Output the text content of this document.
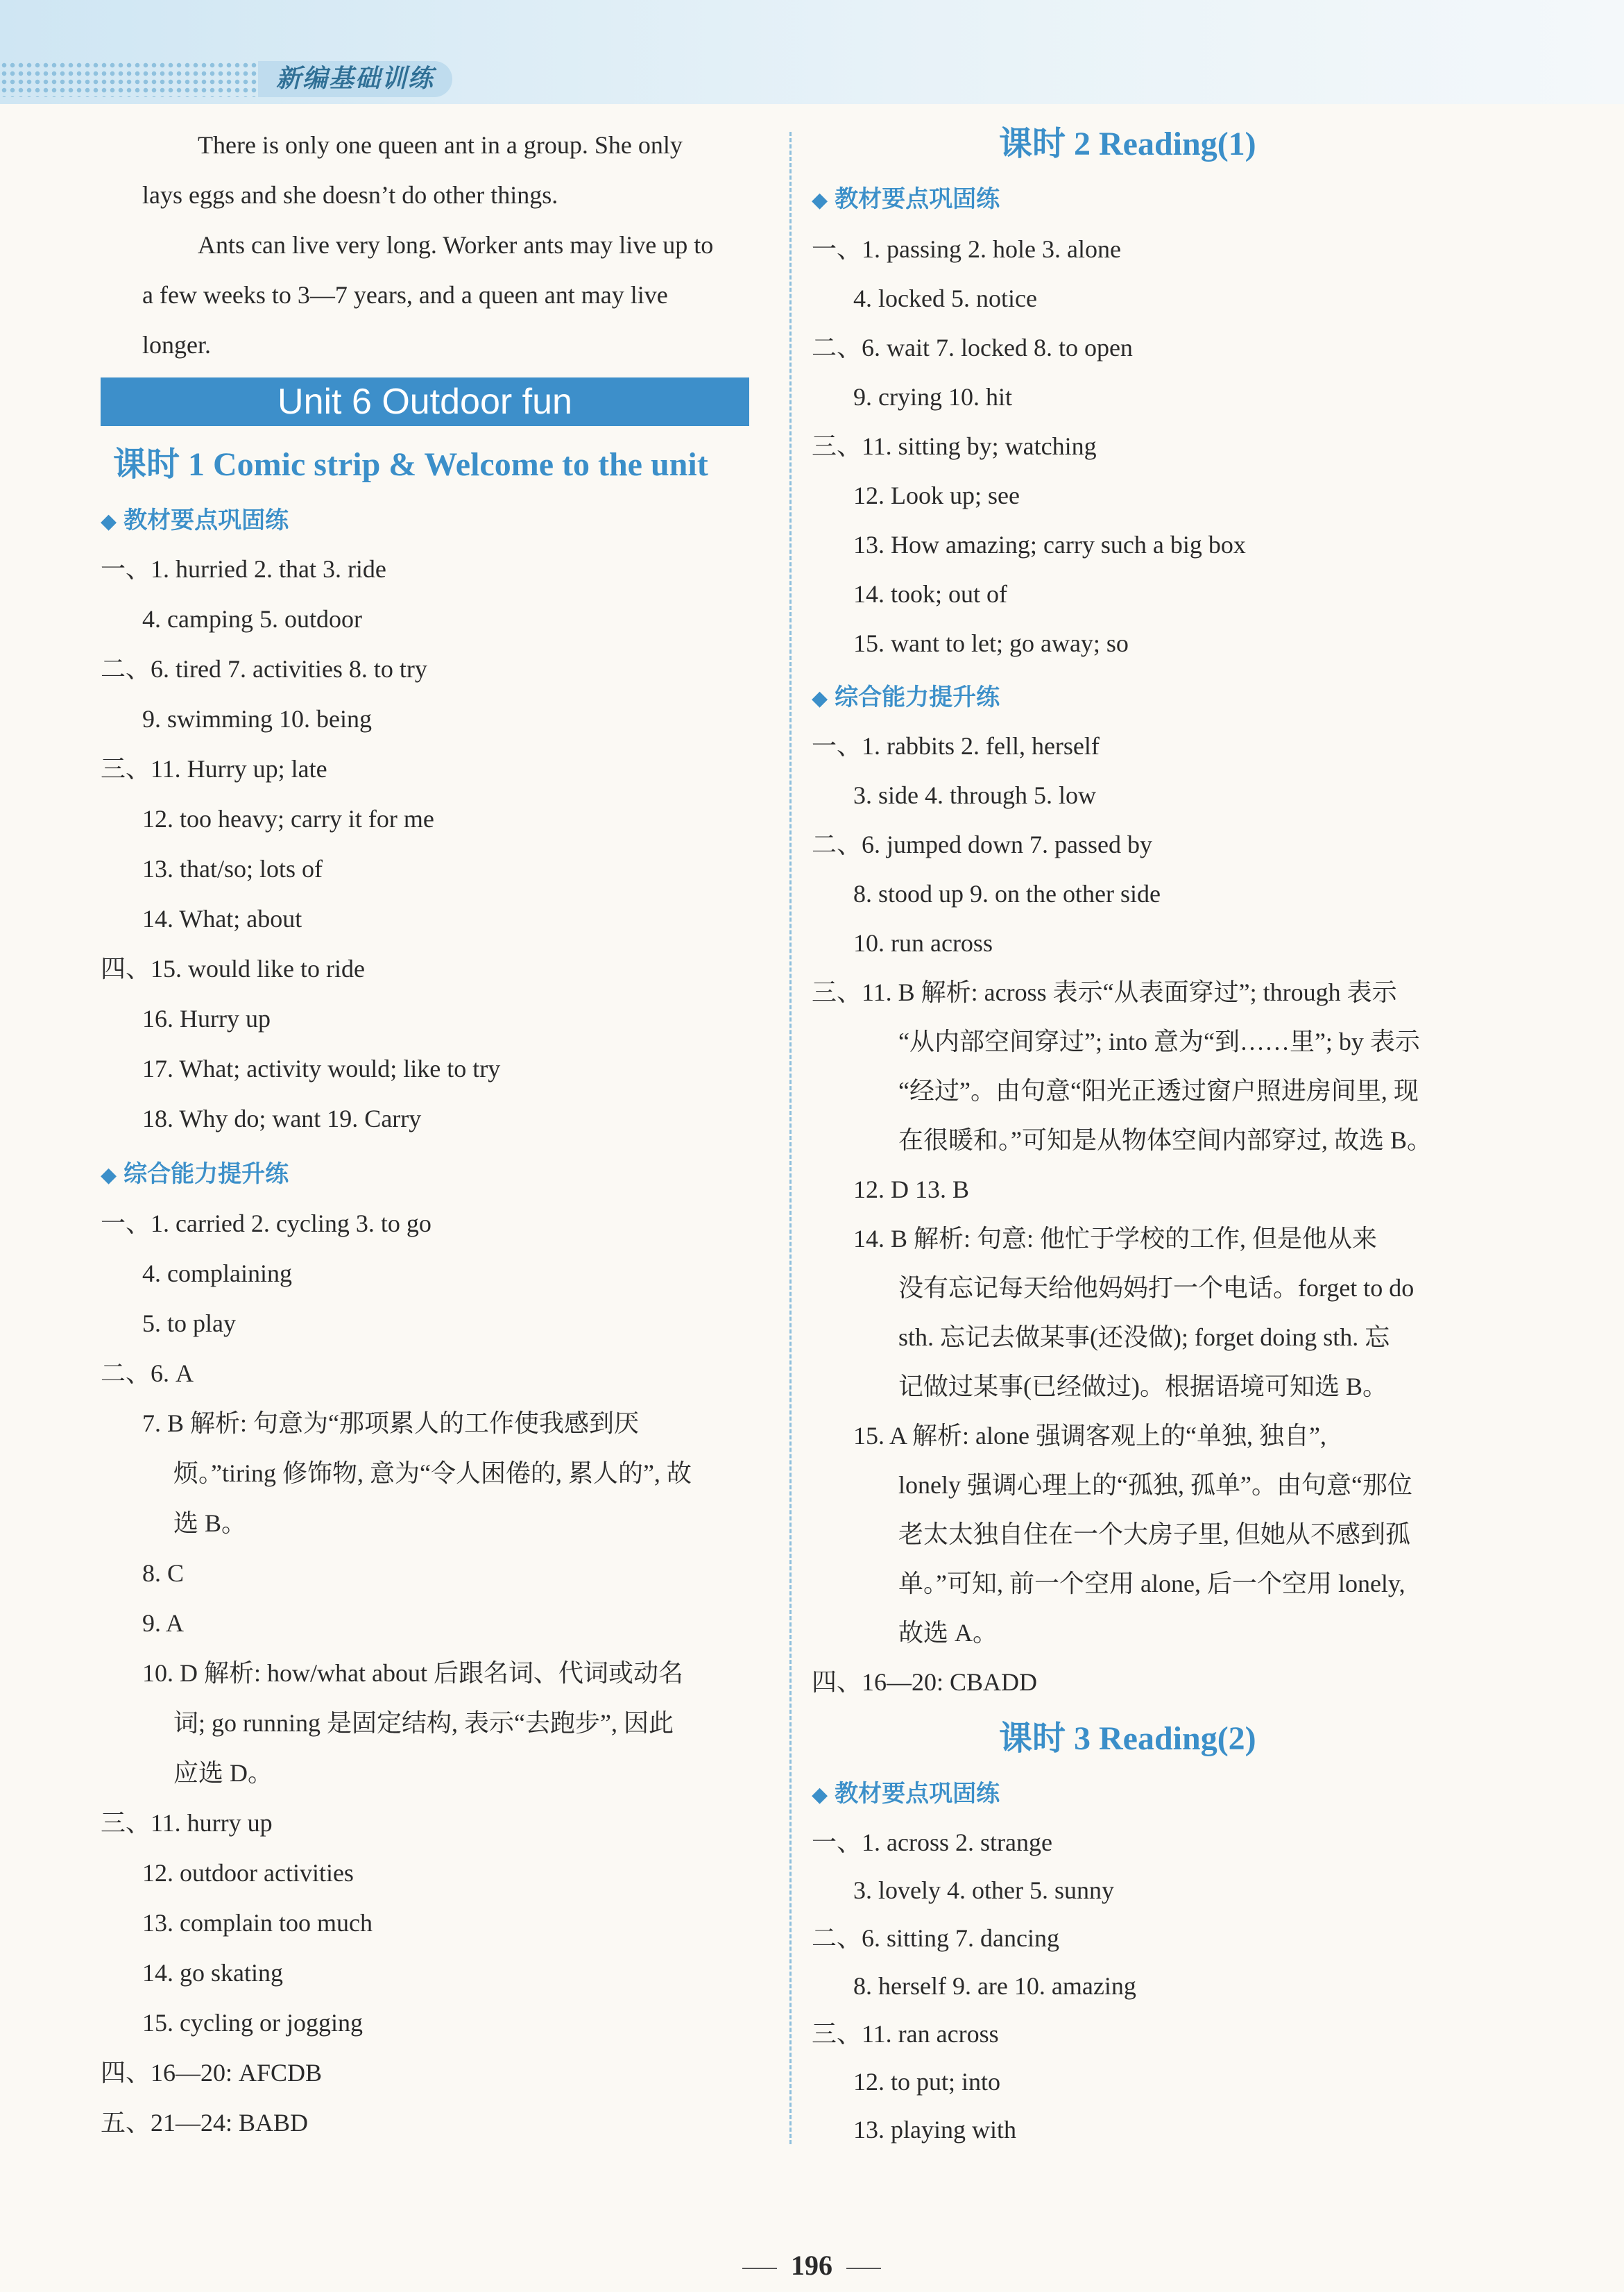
新编基础训练
There is only one queen ant in a group. She only
lays eggs and she doesn’t do other things.
Ants can live very long. Worker ants may live up to
a few weeks to 3—7 years, and a queen ant may live
longer.
Unit 6 Outdoor fun
课时 1 Comic strip & Welcome to the unit
◆ 教材要点巩固练
一、1. hurried 2. that 3. ride
4. camping 5. outdoor
二、6. tired 7. activities 8. to try
9. swimming 10. being
三、11. Hurry up; late
12. too heavy; carry it for me
13. that/so; lots of
14. What; about
四、15. would like to ride
16. Hurry up
17. What; activity would; like to try
18. Why do; want 19. Carry
◆ 综合能力提升练
一、1. carried 2. cycling 3. to go
4. complaining
5. to play
二、6. A
7. B 解析: 句意为“那项累人的工作使我感到厌
烦。”tiring 修饰物, 意为“令人困倦的, 累人的”, 故
选 B。
8. C
9. A
10. D 解析: how/what about 后跟名词、代词或动名
词; go running 是固定结构, 表示“去跑步”, 因此
应选 D。
三、11. hurry up
12. outdoor activities
13. complain too much
14. go skating
15. cycling or jogging
四、16—20: AFCDB
五、21—24: BABD
课时 2 Reading(1)
◆ 教材要点巩固练
一、1. passing 2. hole 3. alone
4. locked 5. notice
二、6. wait 7. locked 8. to open
9. crying 10. hit
三、11. sitting by; watching
12. Look up; see
13. How amazing; carry such a big box
14. took; out of
15. want to let; go away; so
◆ 综合能力提升练
一、1. rabbits 2. fell, herself
3. side 4. through 5. low
二、6. jumped down 7. passed by
8. stood up 9. on the other side
10. run across
三、11. B 解析: across 表示“从表面穿过”; through 表示
“从内部空间穿过”; into 意为“到……里”; by 表示
“经过”。由句意“阳光正透过窗户照进房间里, 现
在很暖和。”可知是从物体空间内部穿过, 故选 B。
12. D 13. B
14. B 解析: 句意: 他忙于学校的工作, 但是他从来
没有忘记每天给他妈妈打一个电话。forget to do
sth. 忘记去做某事(还没做); forget doing sth. 忘
记做过某事(已经做过)。根据语境可知选 B。
15. A 解析: alone 强调客观上的“单独, 独自”,
lonely 强调心理上的“孤独, 孤单”。由句意“那位
老太太独自住在一个大房子里, 但她从不感到孤
单。”可知, 前一个空用 alone, 后一个空用 lonely,
故选 A。
四、16—20: CBADD
课时 3 Reading(2)
◆ 教材要点巩固练
一、1. across 2. strange
3. lovely 4. other 5. sunny
二、6. sitting 7. dancing
8. herself 9. are 10. amazing
三、11. ran across
12. to put; into
13. playing with
196
